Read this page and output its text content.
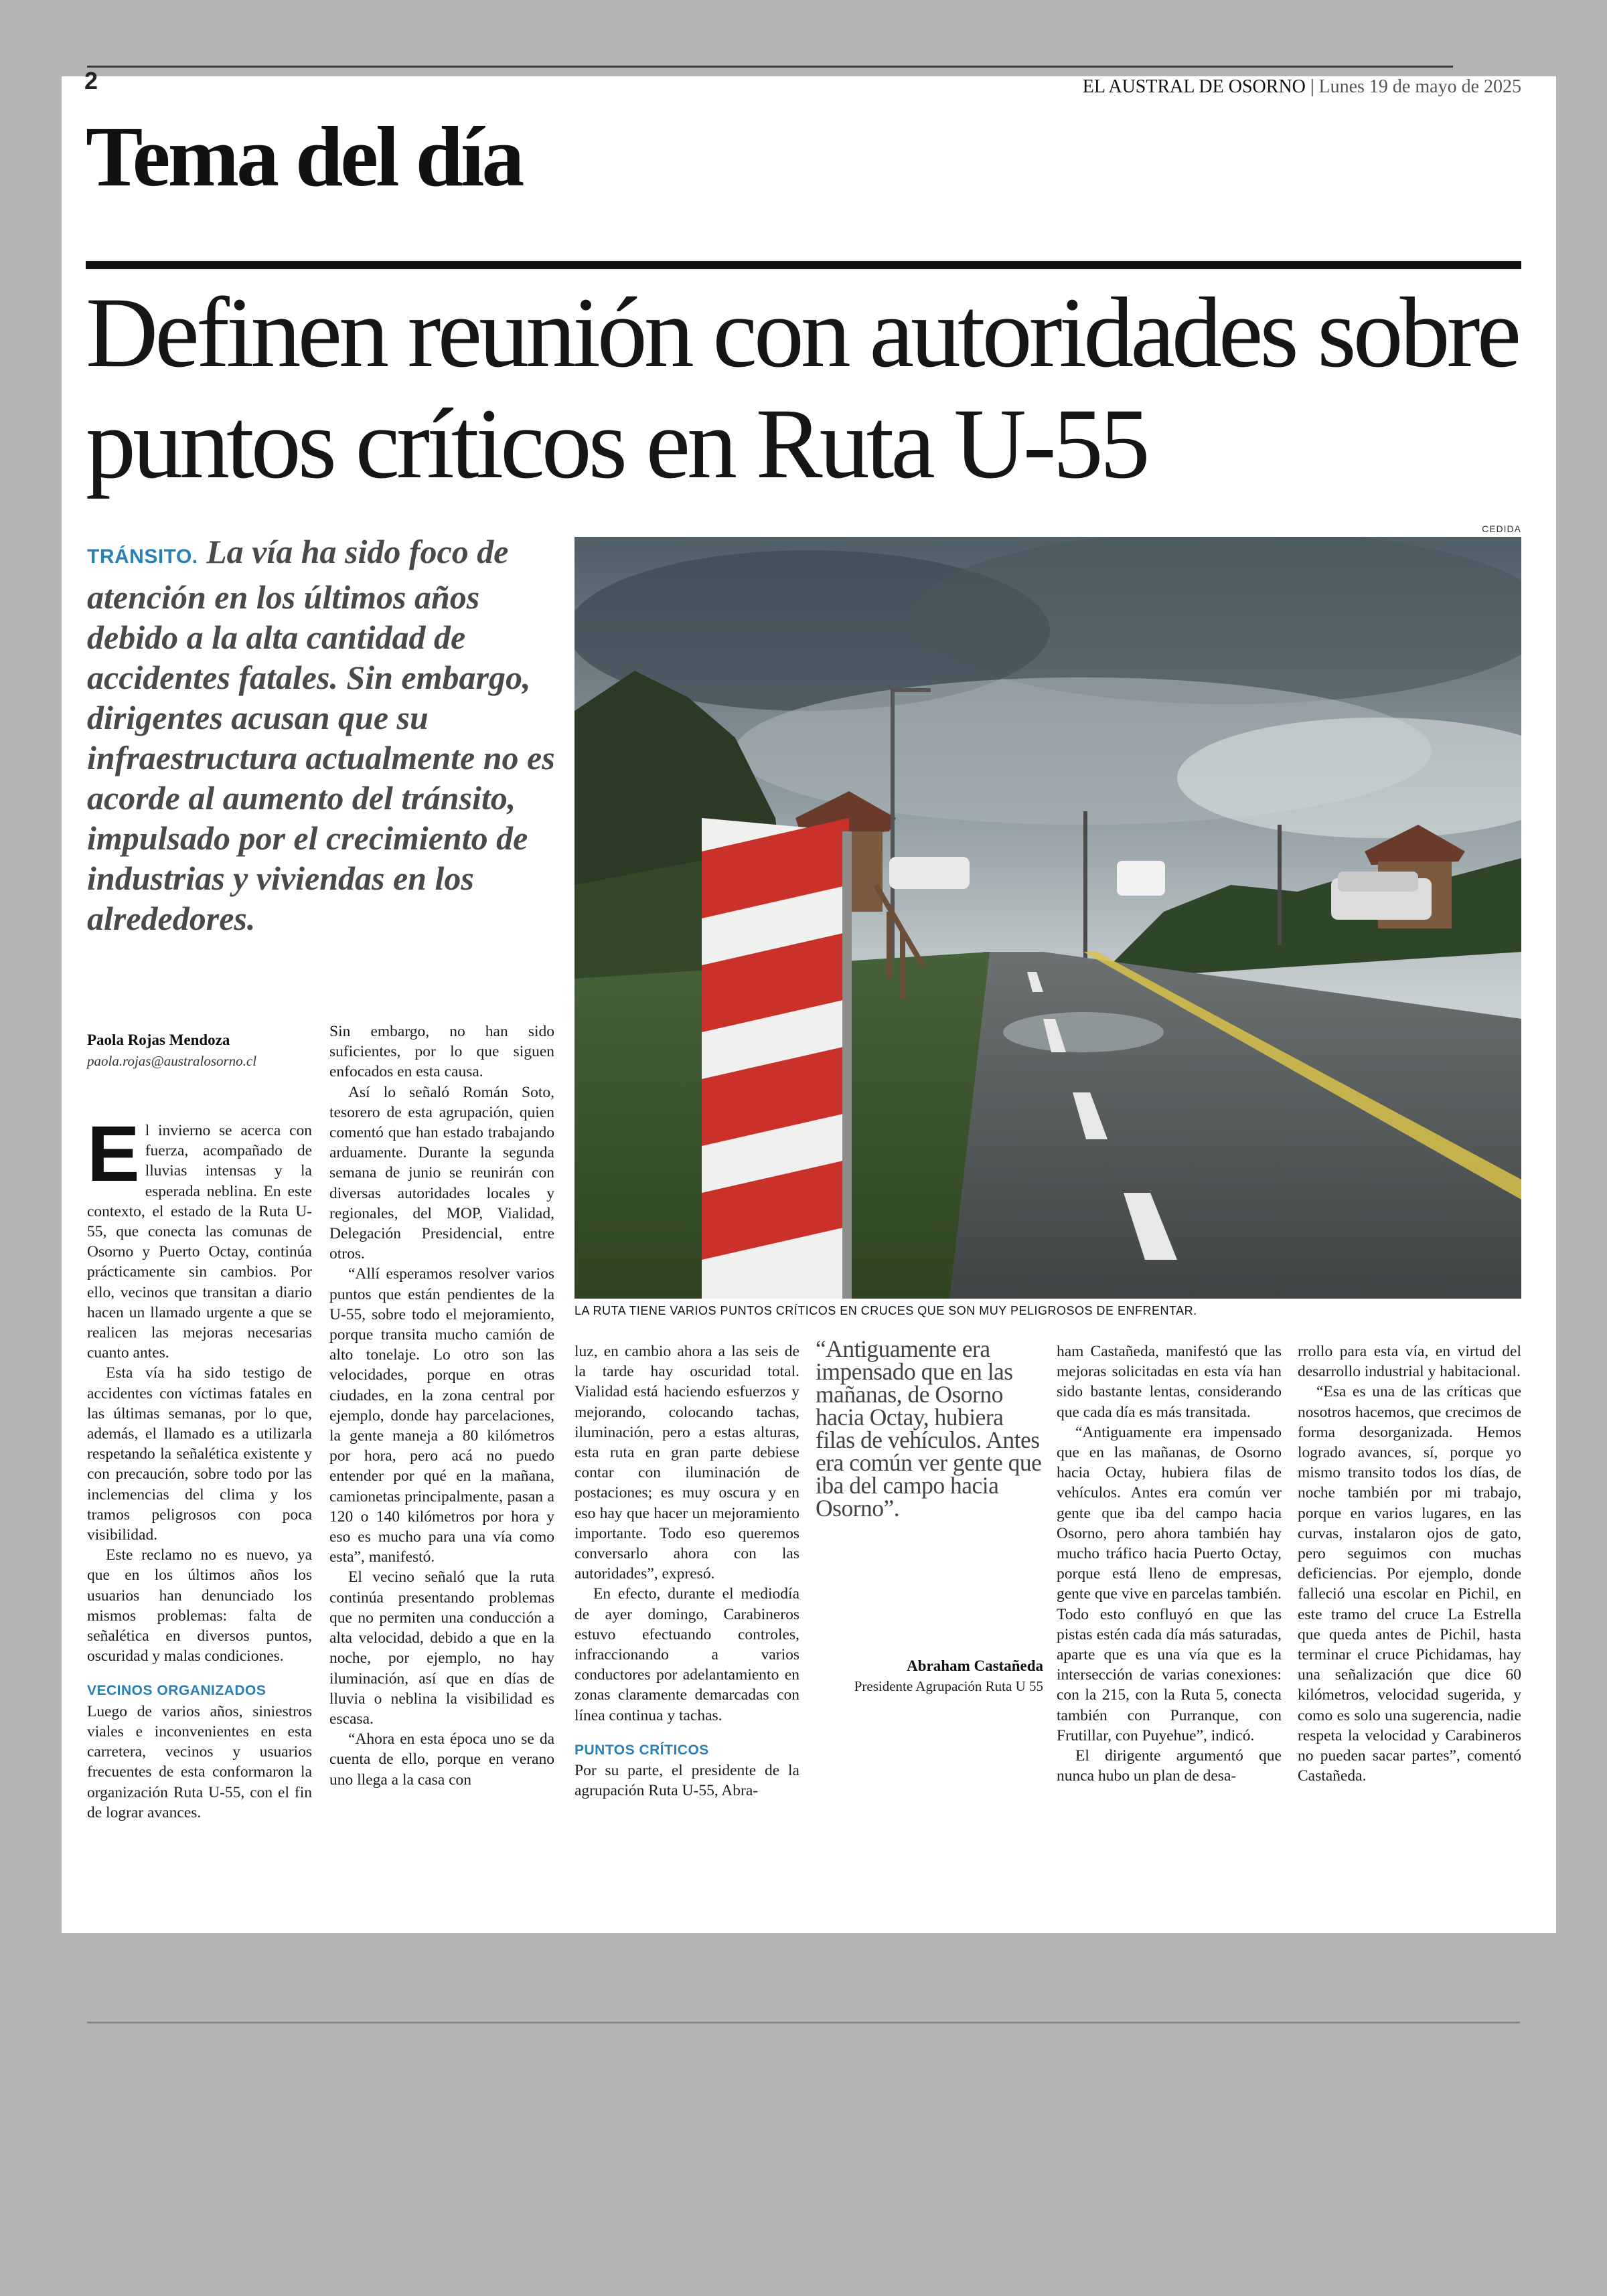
2	EL AUSTRAL DE OSORNO | Lunes 19 de mayo de 2025
Tema del día
Definen reunión con autoridades sobre puntos críticos en Ruta U-55
TRÁNSITO. La vía ha sido foco de atención en los últimos años debido a la alta cantidad de accidentes fatales. Sin embargo, dirigentes acusan que su infraestructura actualmente no es acorde al aumento del tránsito, impulsado por el crecimiento de industrias y viviendas en los alrededores.
CEDIDA
LA RUTA TIENE VARIOS PUNTOS CRÍTICOS EN CRUCES QUE SON MUY PELIGROSOS DE ENFRENTAR.
Paola Rojas Mendoza
paola.rojas@australosorno.cl

El invierno se acerca con fuerza, acompañado de lluvias intensas y la esperada neblina. En este contexto, el estado de la Ruta U-55, que conecta las comunas de Osorno y Puerto Octay, continúa prácticamente sin cambios. Por ello, vecinos que transitan a diario hacen un llamado urgente a que se realicen las mejoras necesarias cuanto antes.

Esta vía ha sido testigo de accidentes con víctimas fatales en las últimas semanas, por lo que, además, el llamado es a utilizarla respetando la señalética existente y con precaución, sobre todo por las inclemencias del clima y los tramos peligrosos con poca visibilidad.

Este reclamo no es nuevo, ya que en los últimos años los usuarios han denunciado los mismos problemas: falta de señalética en diversos puntos, oscuridad y malas condiciones.

VECINOS ORGANIZADOS

Luego de varios años, siniestros viales e inconvenientes en esta carretera, vecinos y usuarios frecuentes de esta conformaron la organización Ruta U-55, con el fin de lograr avances.

Sin embargo, no han sido suficientes, por lo que siguen enfocados en esta causa.

Así lo señaló Román Soto, tesorero de esta agrupación, quien comentó que han estado trabajando arduamente. Durante la segunda semana de junio se reunirán con diversas autoridades locales y regionales, del MOP, Vialidad, Delegación Presidencial, entre otros.

“Allí esperamos resolver varios puntos que están pendientes de la U-55, sobre todo el mejoramiento, porque transita mucho camión de alto tonelaje. Lo otro son las velocidades, porque en otras ciudades, en la zona central por ejemplo, donde hay parcelaciones, la gente maneja a 80 kilómetros por hora, pero acá no puedo entender por qué en la mañana, camionetas principalmente, pasan a 120 o 140 kilómetros por hora y eso es mucho para una vía como esta”, manifestó.

El vecino señaló que la ruta continúa presentando problemas que no permiten una conducción a alta velocidad, debido a que en la noche, por ejemplo, no hay iluminación, así que en días de lluvia o neblina la visibilidad es escasa.

“Ahora en esta época uno se da cuenta de ello, porque en verano uno llega a la casa con

luz, en cambio ahora a las seis de la tarde hay oscuridad total. Vialidad está haciendo esfuerzos y mejorando, colocando tachas, iluminación, pero a estas alturas, esta ruta en gran parte debiese contar con iluminación de postaciones; es muy oscura y en eso hay que hacer un mejoramiento importante. Todo eso queremos conversarlo ahora con las autoridades”, expresó.

En efecto, durante el mediodía de ayer domingo, Carabineros estuvo efectuando controles, infraccionando a varios conductores por adelantamiento en zonas claramente demarcadas con línea continua y tachas.

PUNTOS CRÍTICOS

Por su parte, el presidente de la agrupación Ruta U-55, Abra-

“Antiguamente era impensado que en las mañanas, de Osorno hacia Octay, hubiera filas de vehículos. Antes era común ver gente que iba del campo hacia Osorno”.
Abraham Castañeda
Presidente Agrupación Ruta U 55

ham Castañeda, manifestó que las mejoras solicitadas en esta vía han sido bastante lentas, considerando que cada día es más transitada.

“Antiguamente era impensado que en las mañanas, de Osorno hacia Octay, hubiera filas de vehículos. Antes era común ver gente que iba del campo hacia Osorno, pero ahora también hay mucho tráfico hacia Puerto Octay, porque está lleno de empresas, gente que vive en parcelas también. Todo esto confluyó en que las pistas estén cada día más saturadas, aparte que es una vía que es la intersección de varias conexiones: con la 215, con la Ruta 5, conecta también con Purranque, con Frutillar, con Puyehue”, indicó.

El dirigente argumentó que nunca hubo un plan de desa-

rrollo para esta vía, en virtud del desarrollo industrial y habitacional.

“Esa es una de las críticas que nosotros hacemos, que crecimos de forma desorganizada. Hemos logrado avances, sí, porque yo mismo transito todos los días, de noche también por mi trabajo, porque en varios lugares, en las curvas, instalaron ojos de gato, pero seguimos con muchas deficiencias. Por ejemplo, donde falleció una escolar en Pichil, en este tramo del cruce La Estrella que queda antes de Pichil, hasta terminar el cruce Pichidamas, hay una señalización que dice 60 kilómetros, velocidad sugerida, y como es solo una sugerencia, nadie respeta la velocidad y Carabineros no pueden sacar partes”, comentó Castañeda.
